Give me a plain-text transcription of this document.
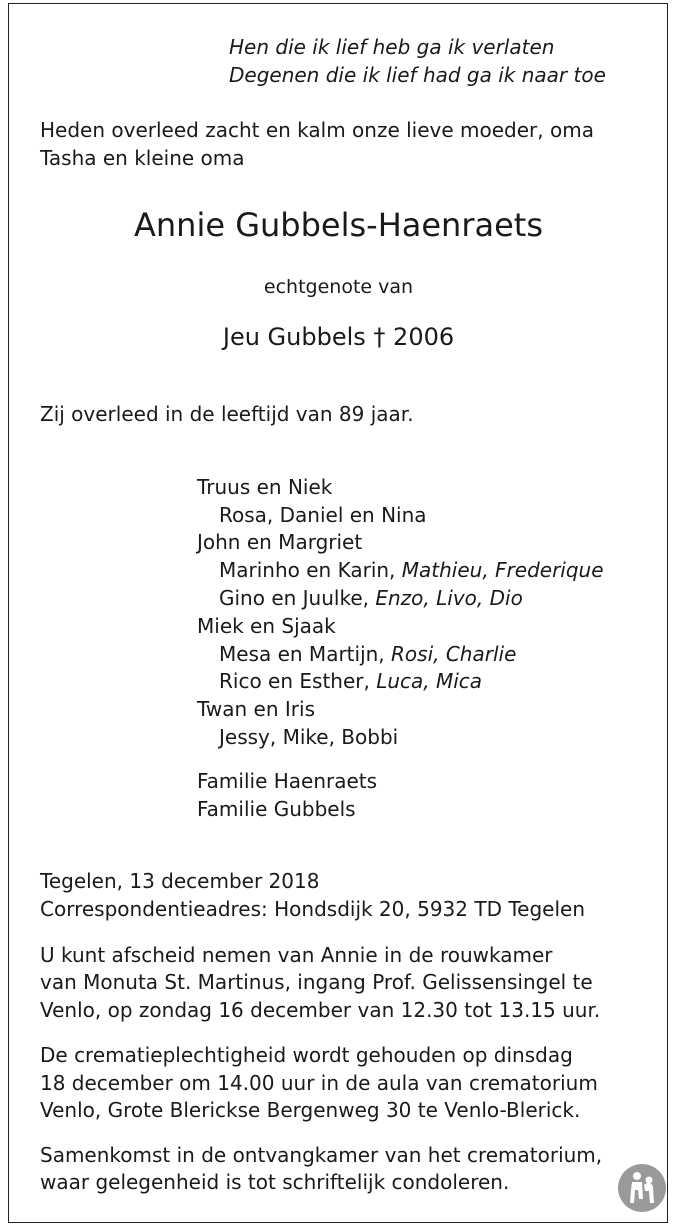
Hen die ik lief heb ga ik verlaten
Degenen die ik lief had ga ik naar toe
Heden overleed zacht en kalm onze lieve moeder, oma
Tasha en kleine oma
Annie Gubbels-Haenraets
echtgenote van
Jeu Gubbels † 2006
Zij overleed in de leeftijd van 89 jaar.
Truus en Niek
Rosa, Daniel en Nina
John en Margriet
Marinho en Karin, Mathieu, Frederique
Gino en Juulke, Enzo, Livo, Dio
Miek en Sjaak
Mesa en Martijn, Rosi, Charlie
Rico en Esther, Luca, Mica
Twan en Iris
Jessy, Mike, Bobbi
Familie Haenraets
Familie Gubbels
Tegelen, 13 december 2018
Correspondentieadres: Hondsdijk 20, 5932 TD Tegelen
U kunt afscheid nemen van Annie in de rouwkamer
van Monuta St. Martinus, ingang Prof. Gelissensingel te
Venlo, op zondag 16 december van 12.30 tot 13.15 uur.
De crematieplechtigheid wordt gehouden op dinsdag
18 december om 14.00 uur in de aula van crematorium
Venlo, Grote Blerickse Bergenweg 30 te Venlo-Blerick.
Samenkomst in de ontvangkamer van het crematorium,
waar gelegenheid is tot schriftelijk condoleren.
